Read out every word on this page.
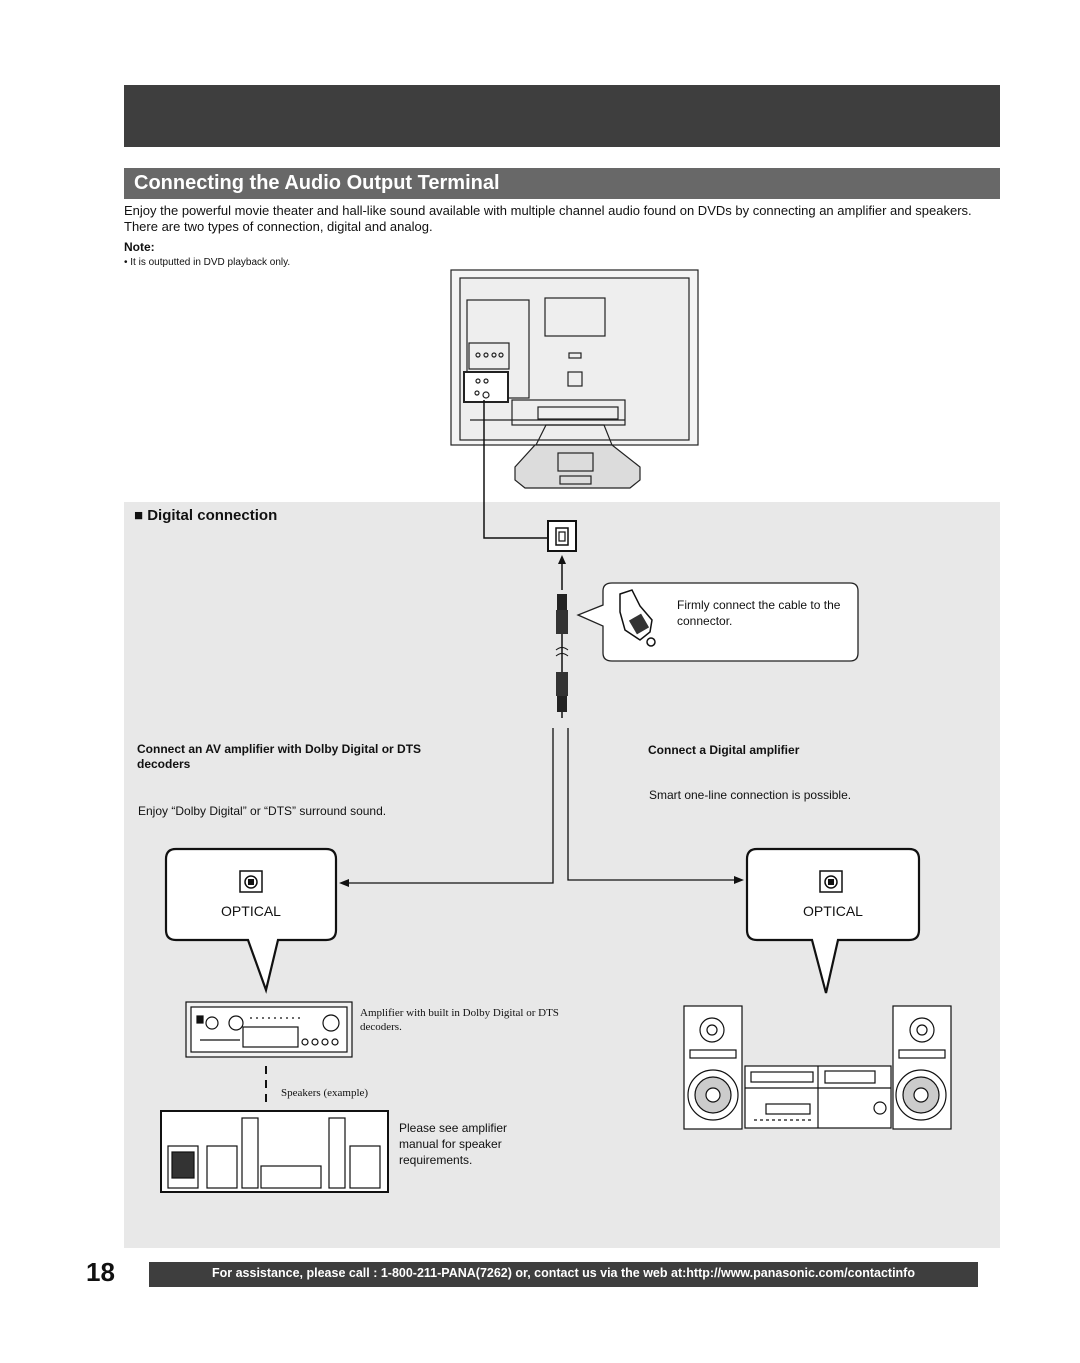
Connecting the Audio Output Terminal
Enjoy the powerful movie theater and hall-like sound available with multiple channel audio found on DVDs by connecting an amplifier and speakers. There are two types of connection, digital and analog.
Note:
• It is outputted in DVD playback only.
■ Digital connection
Firmly connect the cable to the connector.
Connect an AV amplifier with Dolby Digital or DTS decoders
Enjoy “Dolby Digital” or “DTS” surround sound.
Connect a Digital amplifier
Smart one-line connection is possible.
OPTICAL	OPTICAL
Amplifier with built in Dolby Digital or DTS decoders.
Speakers (example)
Please see amplifier manual for speaker requirements.
18	For assistance, please call : 1-800-211-PANA(7262) or, contact us via the web at:http://www.panasonic.com/contactinfo
